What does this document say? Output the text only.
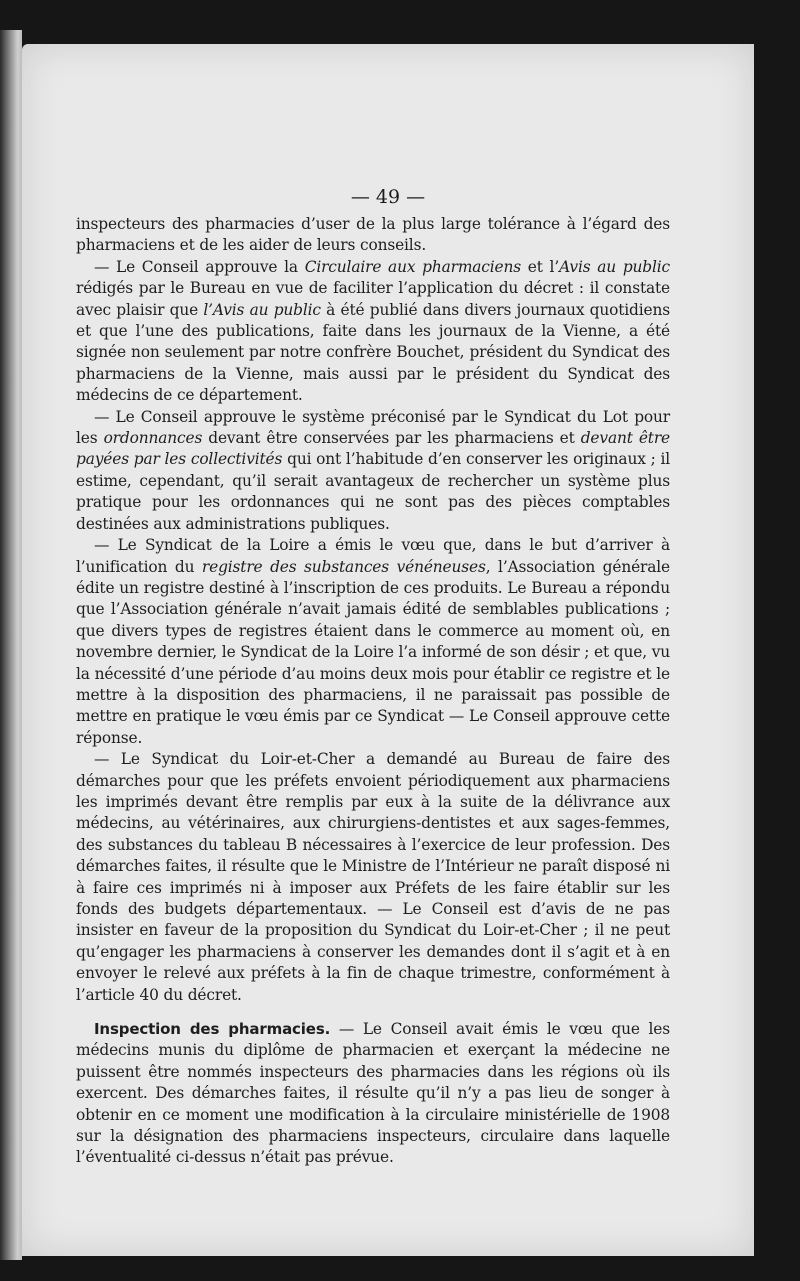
— 49 —

inspecteurs des pharmacies d’user de la plus large tolérance à l’égard des pharmaciens et de les aider de leurs conseils.

— Le Conseil approuve la Circulaire aux pharmaciens et l’Avis au public rédigés par le Bureau en vue de faciliter l’application du décret : il constate avec plaisir que l’Avis au public à été publié dans divers journaux quotidiens et que l’une des publications, faite dans les journaux de la Vienne, a été signée non seulement par notre confrère Bouchet, président du Syndicat des pharmaciens de la Vienne, mais aussi par le président du Syndicat des médecins de ce département.

— Le Conseil approuve le système préconisé par le Syndicat du Lot pour les ordonnances devant être conservées par les pharmaciens et devant être payées par les collectivités qui ont l’habitude d’en conserver les originaux ; il estime, cependant, qu’il serait avantageux de rechercher un système plus pratique pour les ordonnances qui ne sont pas des pièces comptables destinées aux administrations publiques.

— Le Syndicat de la Loire a émis le vœu que, dans le but d’arriver à l’unification du registre des substances vénéneuses, l’Association générale édite un registre destiné à l’inscription de ces produits. Le Bureau a répondu que l’Association générale n’avait jamais édité de semblables publications ; que divers types de registres étaient dans le commerce au moment où, en novembre dernier, le Syndicat de la Loire l’a informé de son désir ; et que, vu la nécessité d’une période d’au moins deux mois pour établir ce registre et le mettre à la disposition des pharmaciens, il ne paraissait pas possible de mettre en pratique le vœu émis par ce Syndicat — Le Conseil approuve cette réponse.

— Le Syndicat du Loir-et-Cher a demandé au Bureau de faire des démarches pour que les préfets envoient périodiquement aux pharmaciens les imprimés devant être remplis par eux à la suite de la délivrance aux médecins, au vétérinaires, aux chirurgiens-dentistes et aux sages-femmes, des substances du tableau B nécessaires à l’exercice de leur profession. Des démarches faites, il résulte que le Ministre de l’Intérieur ne paraît disposé ni à faire ces imprimés ni à imposer aux Préfets de les faire établir sur les fonds des budgets départementaux. — Le Conseil est d’avis de ne pas insister en faveur de la proposition du Syndicat du Loir-et-Cher ; il ne peut qu’engager les pharmaciens à conserver les demandes dont il s’agit et à en envoyer le relevé aux préfets à la fin de chaque trimestre, conformément à l’article 40 du décret.

Inspection des pharmacies. — Le Conseil avait émis le vœu que les médecins munis du diplôme de pharmacien et exerçant la médecine ne puissent être nommés inspecteurs des pharmacies dans les régions où ils exercent. Des démarches faites, il résulte qu’il n’y a pas lieu de songer à obtenir en ce moment une modification à la circulaire ministérielle de 1908 sur la désignation des pharmaciens inspecteurs, circulaire dans laquelle l’éventualité ci-dessus n’était pas prévue.
